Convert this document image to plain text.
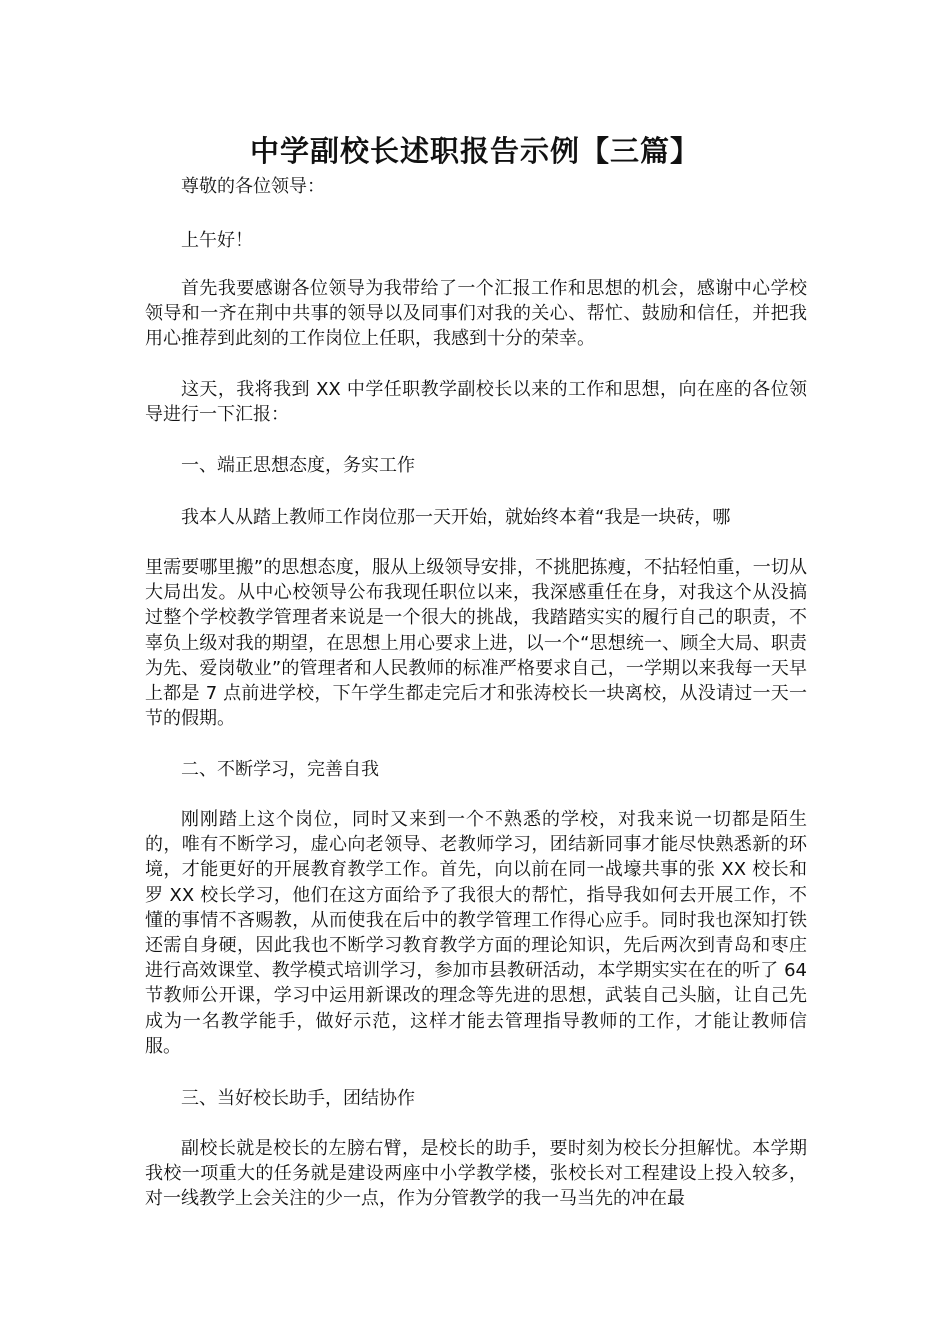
中学副校长述职报告示例【三篇】

尊敬的各位领导：

上午好！

首先我要感谢各位领导为我带给了一个汇报工作和思想的机会，感谢中心学校领导和一齐在荆中共事的领导以及同事们对我的关心、帮忙、鼓励和信任，并把我用心推荐到此刻的工作岗位上任职，我感到十分的荣幸。

这天，我将我到 XX 中学任职教学副校长以来的工作和思想，向在座的各位领导进行一下汇报：

一、端正思想态度，务实工作

我本人从踏上教师工作岗位那一天开始，就始终本着“我是一块砖，哪

里需要哪里搬”的思想态度，服从上级领导安排，不挑肥拣瘦，不拈轻怕重，一切从大局出发。从中心校领导公布我现任职位以来，我深感重任在身，对我这个从没搞过整个学校教学管理者来说是一个很大的挑战，我踏踏实实的履行自己的职责，不辜负上级对我的期望，在思想上用心要求上进，以一个“思想统一、顾全大局、职责为先、爱岗敬业”的管理者和人民教师的标准严格要求自己，一学期以来我每一天早上都是 7 点前进学校，下午学生都走完后才和张涛校长一块离校，从没请过一天一节的假期。

二、不断学习，完善自我

刚刚踏上这个岗位，同时又来到一个不熟悉的学校，对我来说一切都是陌生的，唯有不断学习，虚心向老领导、老教师学习，团结新同事才能尽快熟悉新的环境，才能更好的开展教育教学工作。首先，向以前在同一战壕共事的张 XX 校长和罗 XX 校长学习，他们在这方面给予了我很大的帮忙，指导我如何去开展工作，不懂的事情不吝赐教，从而使我在后中的教学管理工作得心应手。同时我也深知打铁还需自身硬，因此我也不断学习教育教学方面的理论知识，先后两次到青岛和枣庄进行高效课堂、教学模式培训学习，参加市县教研活动，本学期实实在在的听了 64 节教师公开课，学习中运用新课改的理念等先进的思想，武装自己头脑，让自己先成为一名教学能手，做好示范，这样才能去管理指导教师的工作，才能让教师信服。

三、当好校长助手，团结协作

副校长就是校长的左膀右臂，是校长的助手，要时刻为校长分担解忧。本学期我校一项重大的任务就是建设两座中小学教学楼，张校长对工程建设上投入较多，对一线教学上会关注的少一点，作为分管教学的我一马当先的冲在最
